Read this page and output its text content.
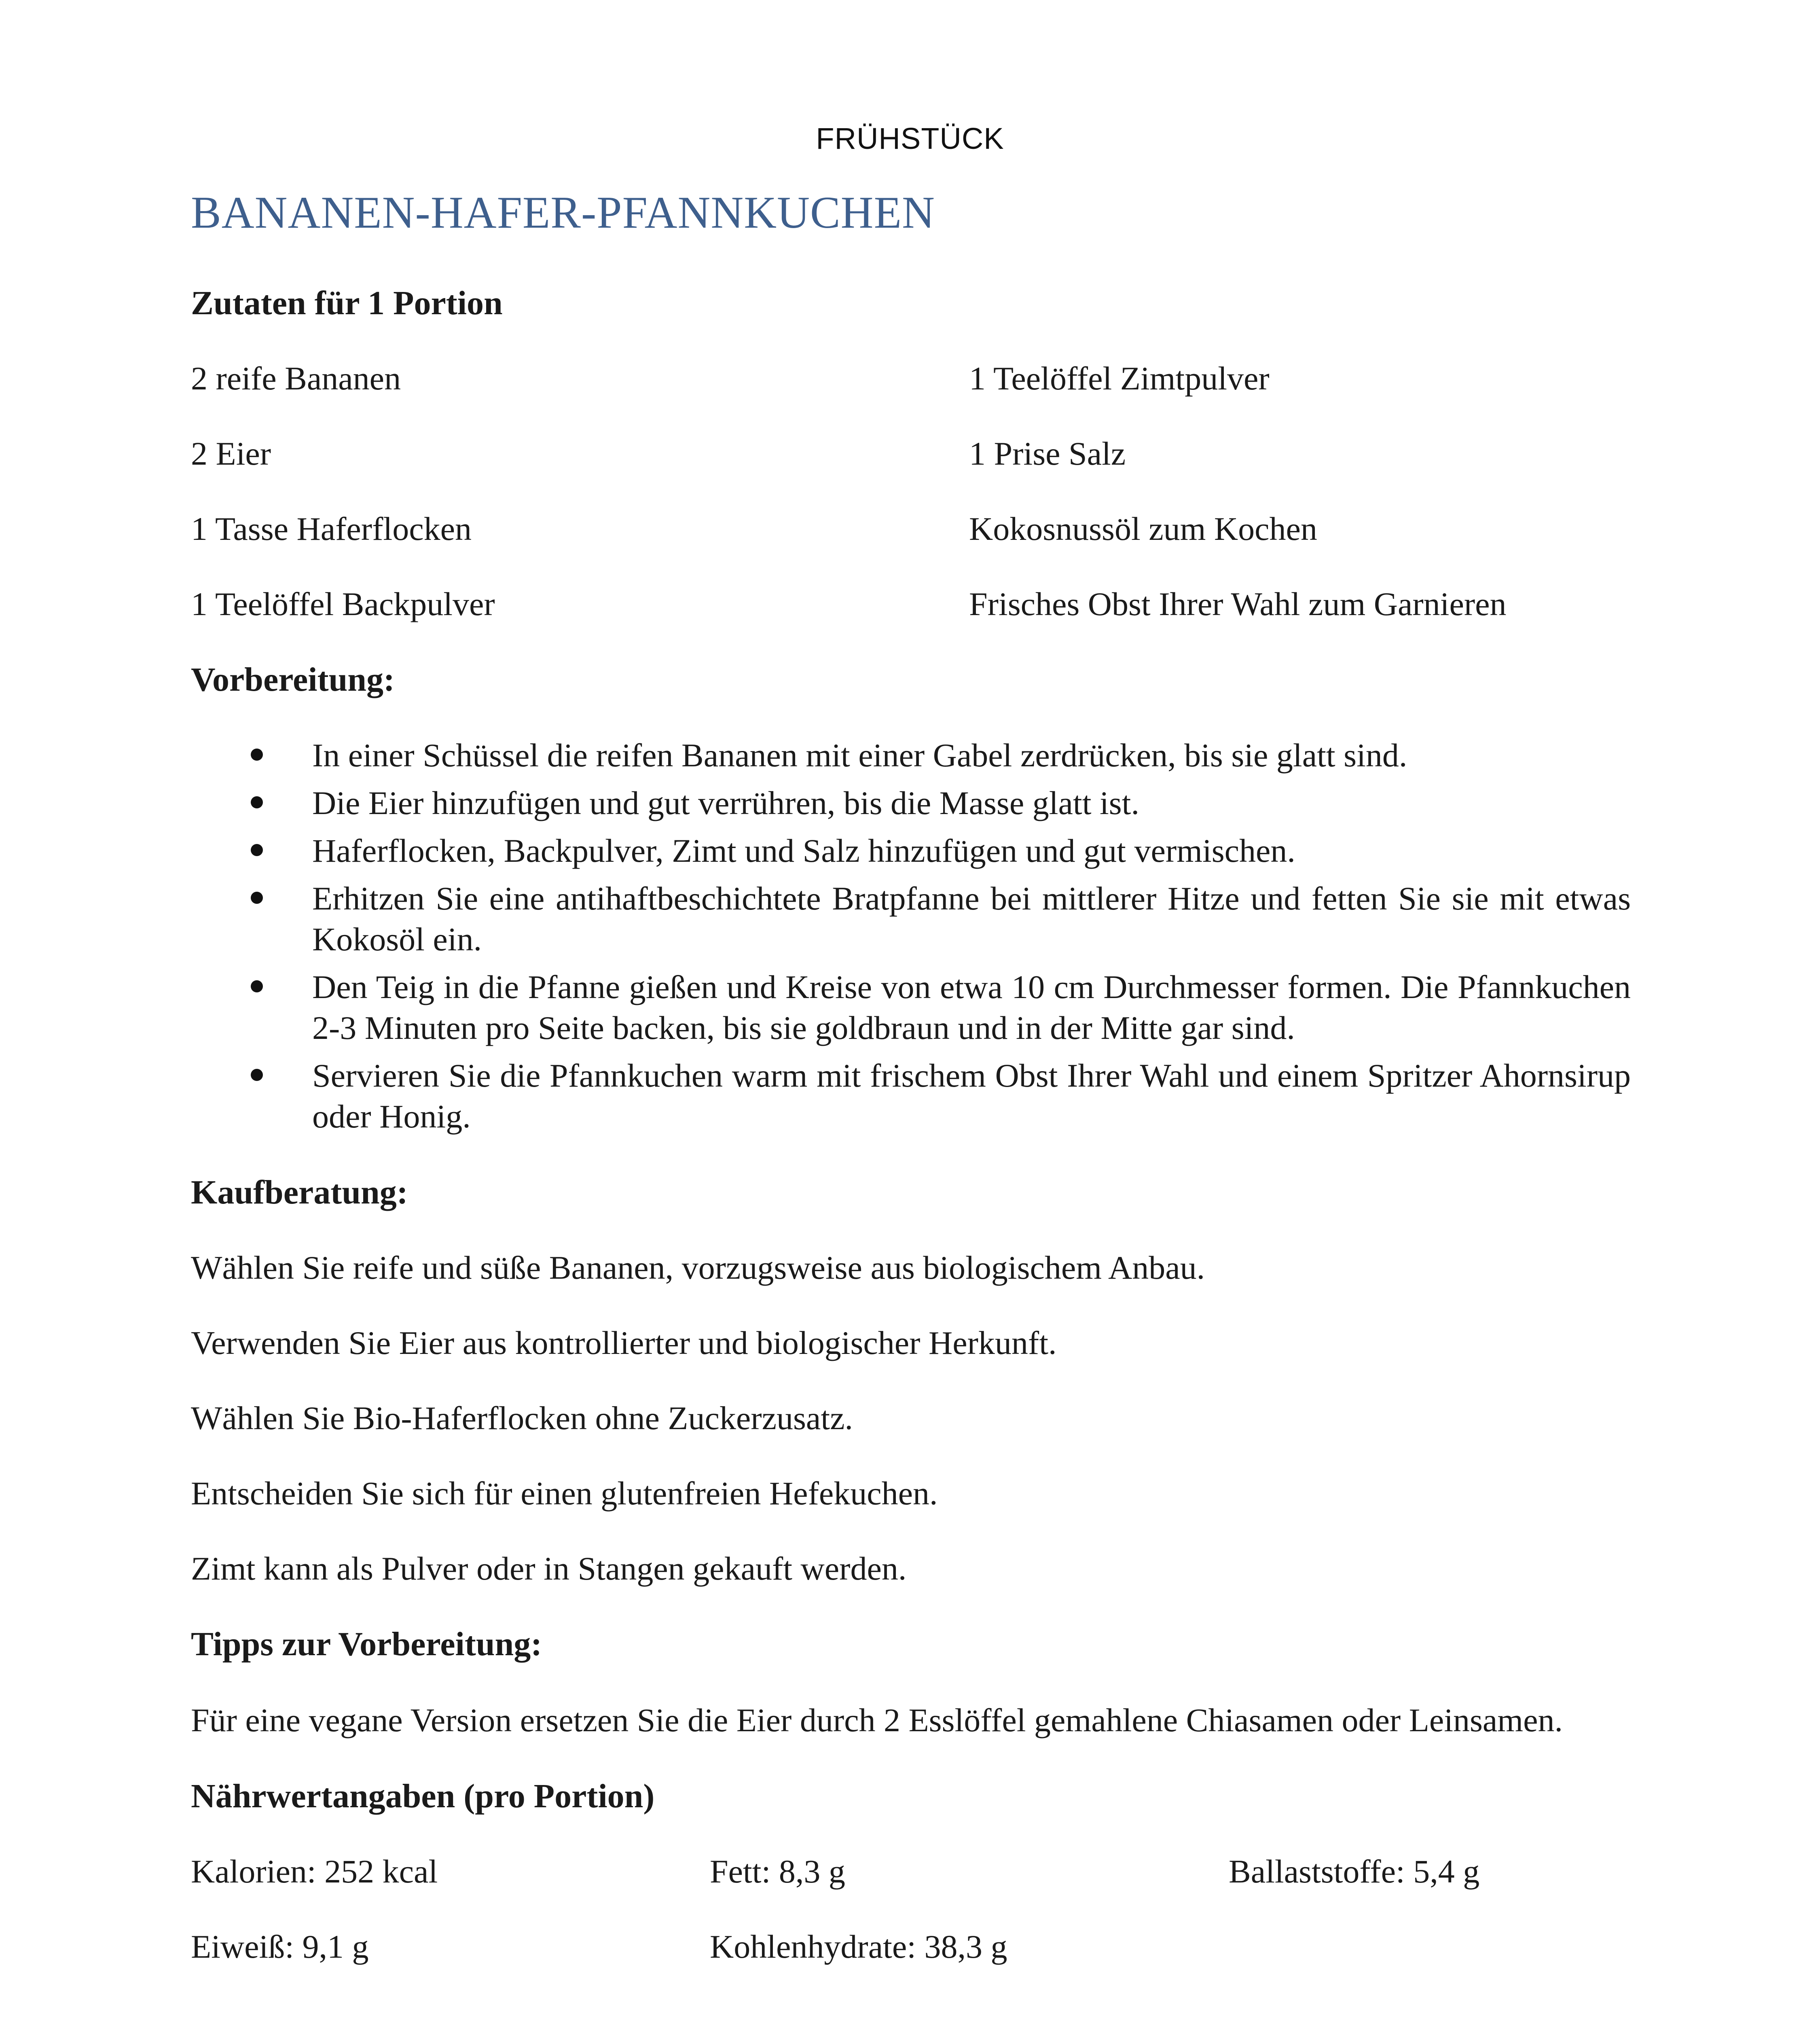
FRÜHSTÜCK
BANANEN-HAFER-PFANNKUCHEN
Zutaten für 1 Portion
2 reife Bananen	1 Teelöffel Zimtpulver
2 Eier	1 Prise Salz
1 Tasse Haferflocken	Kokosnussöl zum Kochen
1 Teelöffel Backpulver	Frisches Obst Ihrer Wahl zum Garnieren
Vorbereitung:
In einer Schüssel die reifen Bananen mit einer Gabel zerdrücken, bis sie glatt sind.
Die Eier hinzufügen und gut verrühren, bis die Masse glatt ist.
Haferflocken, Backpulver, Zimt und Salz hinzufügen und gut vermischen.
Erhitzen Sie eine antihaftbeschichtete Bratpfanne bei mittlerer Hitze und fetten Sie sie mit etwas Kokosöl ein.
Den Teig in die Pfanne gießen und Kreise von etwa 10 cm Durchmesser formen. Die Pfannkuchen 2-3 Minuten pro Seite backen, bis sie goldbraun und in der Mitte gar sind.
Servieren Sie die Pfannkuchen warm mit frischem Obst Ihrer Wahl und einem Spritzer Ahornsirup oder Honig.
Kaufberatung:
Wählen Sie reife und süße Bananen, vorzugsweise aus biologischem Anbau.
Verwenden Sie Eier aus kontrollierter und biologischer Herkunft.
Wählen Sie Bio-Haferflocken ohne Zuckerzusatz.
Entscheiden Sie sich für einen glutenfreien Hefekuchen.
Zimt kann als Pulver oder in Stangen gekauft werden.
Tipps zur Vorbereitung:
Für eine vegane Version ersetzen Sie die Eier durch 2 Esslöffel gemahlene Chiasamen oder Leinsamen.
Nährwertangaben (pro Portion)
Kalorien: 252 kcal	Fett: 8,3 g	Ballaststoffe: 5,4 g
Eiweiß: 9,1 g	Kohlenhydrate: 38,3 g
